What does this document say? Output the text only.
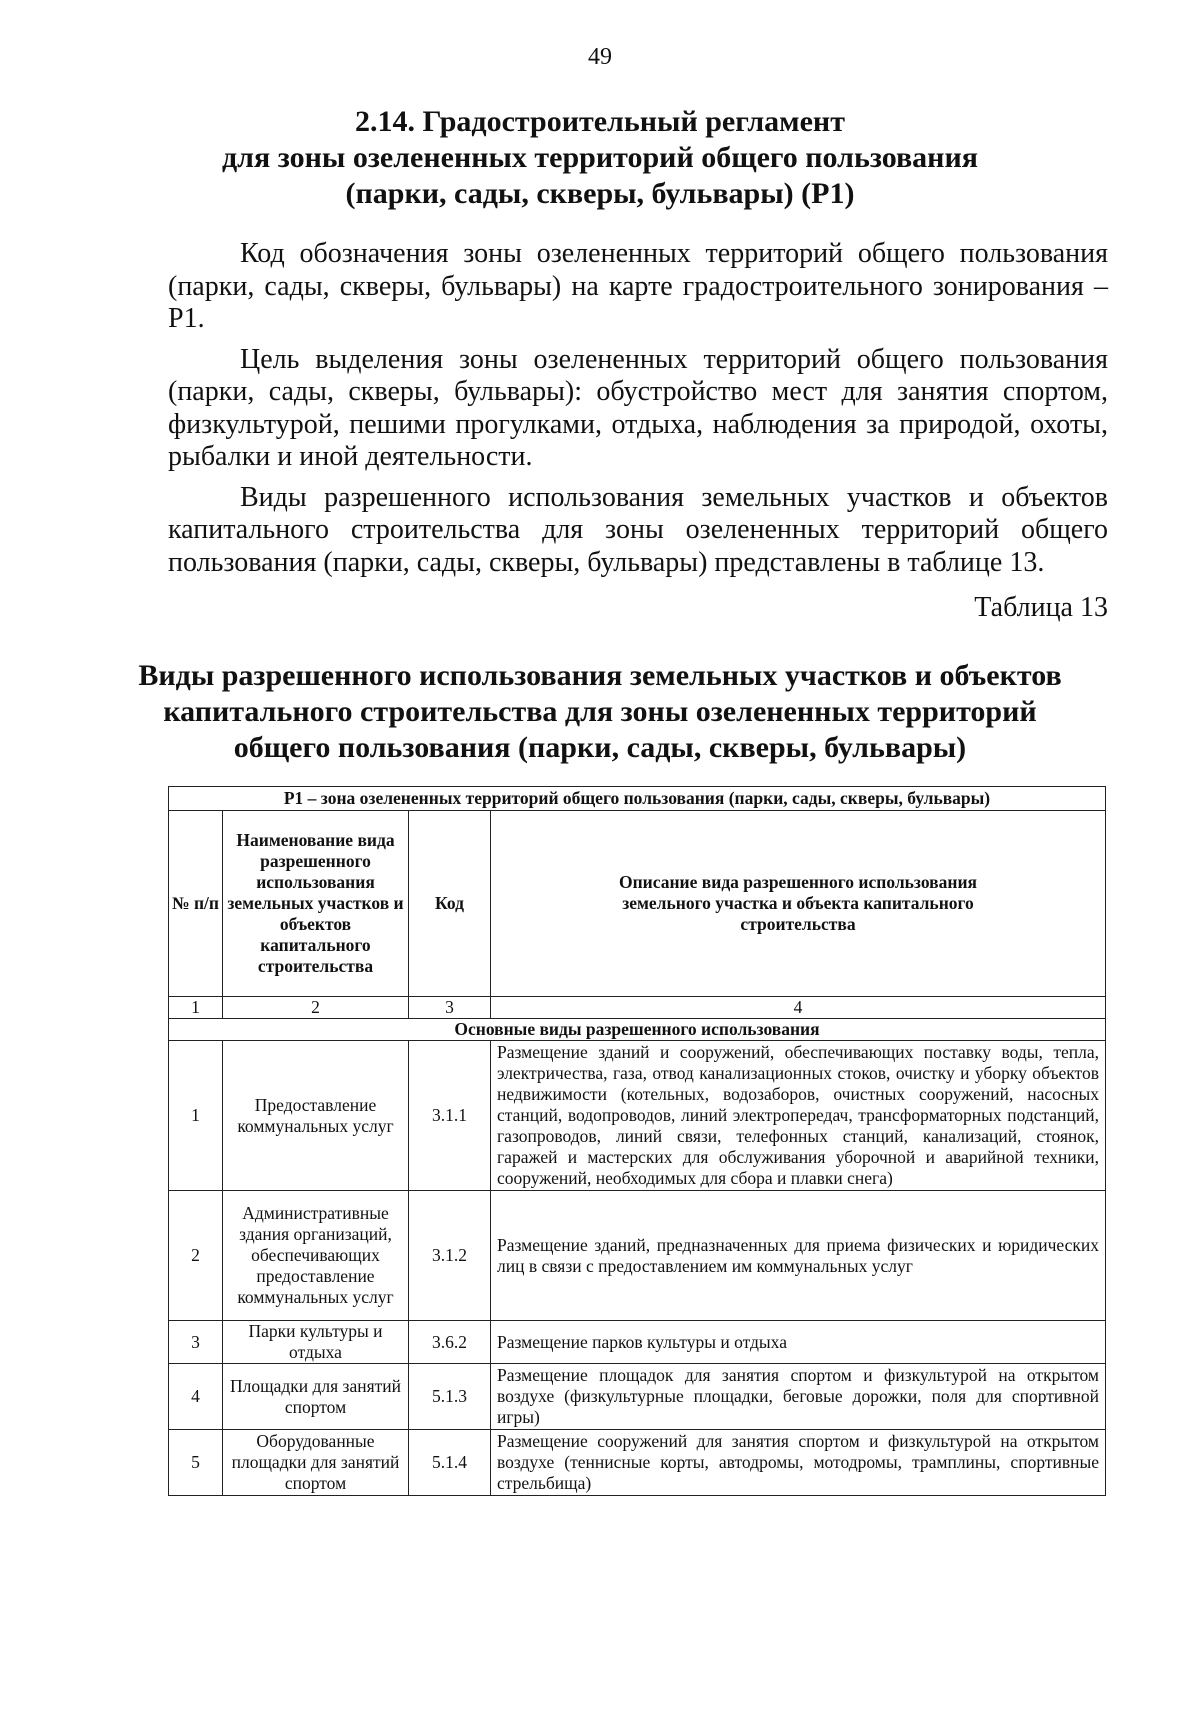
49
2.14. Градостроительный регламент
для зоны озелененных территорий общего пользования
(парки, сады, скверы, бульвары) (Р1)

Код обозначения зоны озелененных территорий общего пользования (парки, сады, скверы, бульвары) на карте градостроительного зонирования – Р1.

Цель выделения зоны озелененных территорий общего пользования (парки, сады, скверы, бульвары): обустройство мест для занятия спортом, физкультурой, пешими прогулками, отдыха, наблюдения за природой, охоты, рыбалки и иной деятельности.

Виды разрешенного использования земельных участков и объектов капитального строительства для зоны озелененных территорий общего пользования (парки, сады, скверы, бульвары) представлены в таблице 13.

Таблица 13
Виды разрешенного использования земельных участков и объектов
капитального строительства для зоны озелененных территорий
общего пользования (парки, сады, скверы, бульвары)
Р1 – зона озелененных территорий общего пользования (парки, сады, скверы, бульвары)			
№ п/п	Наименование вида разрешенного использования земельных участков и объектов капитального строительства	Код	Описание вида разрешенного использования земельного участка и объекта капитального строительства
1	2	3	4
Основные виды разрешенного использования			
1	Предоставление коммунальных услуг	3.1.1	Размещение зданий и сооружений, обеспечивающих поставку воды, тепла, электричества, газа, отвод канализационных стоков, очистку и уборку объектов недвижимости (котельных, водозаборов, очистных сооружений, насосных станций, водопроводов, линий электропередач, трансформаторных подстанций, газопроводов, линий связи, телефонных станций, канализаций, стоянок, гаражей и мастерских для обслуживания уборочной и аварийной техники, сооружений, необходимых для сбора и плавки снега)
2	Административные здания организаций, обеспечивающих предоставление коммунальных услуг	3.1.2	Размещение зданий, предназначенных для приема физических и юридических лиц в связи с предоставлением им коммунальных услуг
3	Парки культуры и отдыха	3.6.2	Размещение парков культуры и отдыха
4	Площадки для занятий спортом	5.1.3	Размещение площадок для занятия спортом и физкультурой на открытом воздухе (физкультурные площадки, беговые дорожки, поля для спортивной игры)
5	Оборудованные площадки для занятий спортом	5.1.4	Размещение сооружений для занятия спортом и физкультурой на открытом воздухе (теннисные корты, автодромы, мотодромы, трамплины, спортивные стрельбища)
